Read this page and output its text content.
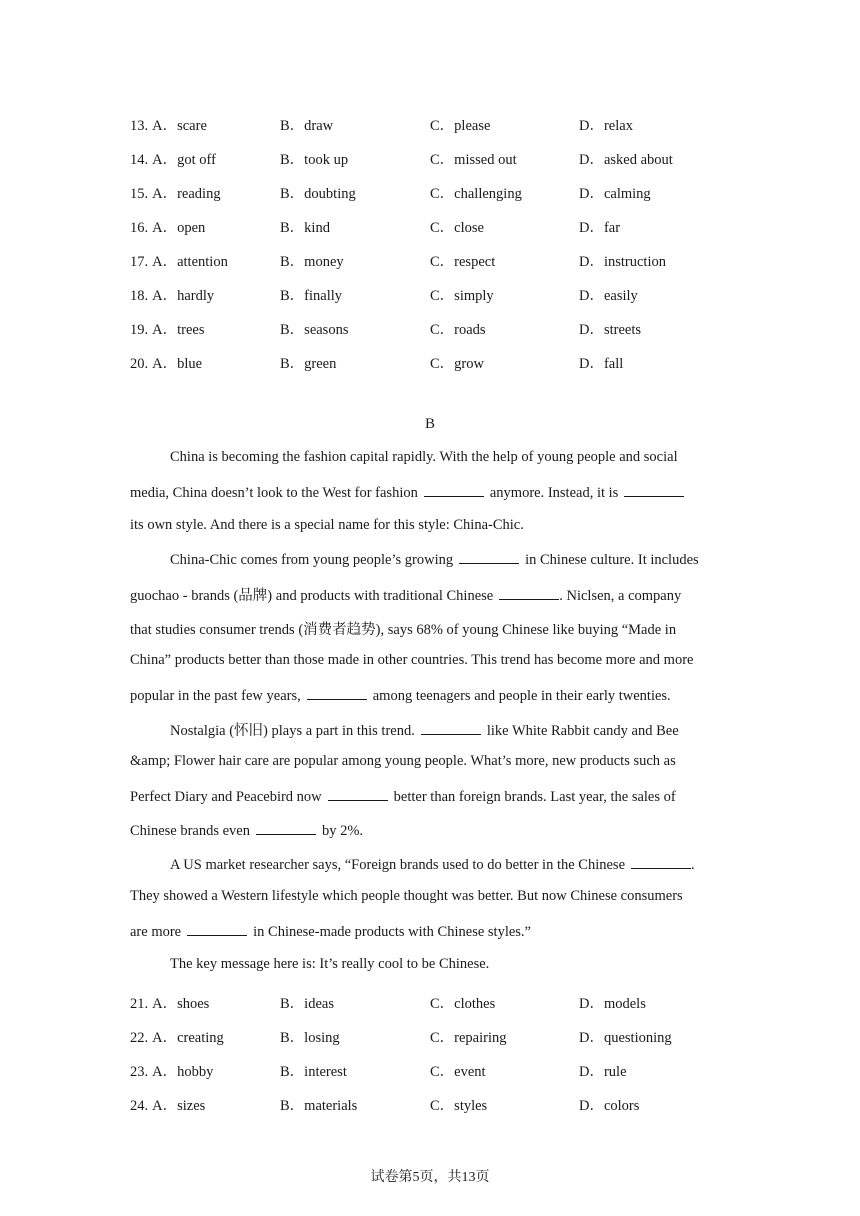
13. A．scare	B．draw	C．please	D．relax
14. A．got off	B．took up	C．missed out	D．asked about
15. A．reading	B．doubting	C．challenging	D．calming
16. A．open	B．kind	C．close	D．far
17. A．attention	B．money	C．respect	D．instruction
18. A．hardly	B．finally	C．simply	D．easily
19. A．trees	B．seasons	C．roads	D．streets
20. A．blue	B．green	C．grow	D．fall
B
China is becoming the fashion capital rapidly. With the help of young people and social
media, China doesn’t look to the West for fashion	anymore. Instead, it is
its own style. And there is a special name for this style: China-Chic.
China-Chic comes from young people’s growing	in Chinese culture. It includes
guochao - brands (品牌) and products with traditional Chinese	. Niclsen, a company
that studies consumer trends (消费者趋势), says 68% of young Chinese like buying “Made in
China” products better than those made in other countries. This trend has become more and more
popular in the past few years,	among teenagers and people in their early twenties.
Nostalgia (怀旧) plays a part in this trend.	like White Rabbit candy and Bee
&amp; Flower hair care are popular among young people. What’s more, new products such as
Perfect Diary and Peacebird now	better than foreign brands. Last year, the sales of
Chinese brands even	by 2%.
A US market researcher says, “Foreign brands used to do better in the Chinese	.
They showed a Western lifestyle which people thought was better. But now Chinese consumers
are more	in Chinese-made products with Chinese styles.”
The key message here is: It’s really cool to be Chinese.
21. A．shoes	B．ideas	C．clothes	D．models
22. A．creating	B．losing	C．repairing	D．questioning
23. A．hobby	B．interest	C．event	D．rule
24. A．sizes	B．materials	C．styles	D．colors
试卷第5页，共13页
